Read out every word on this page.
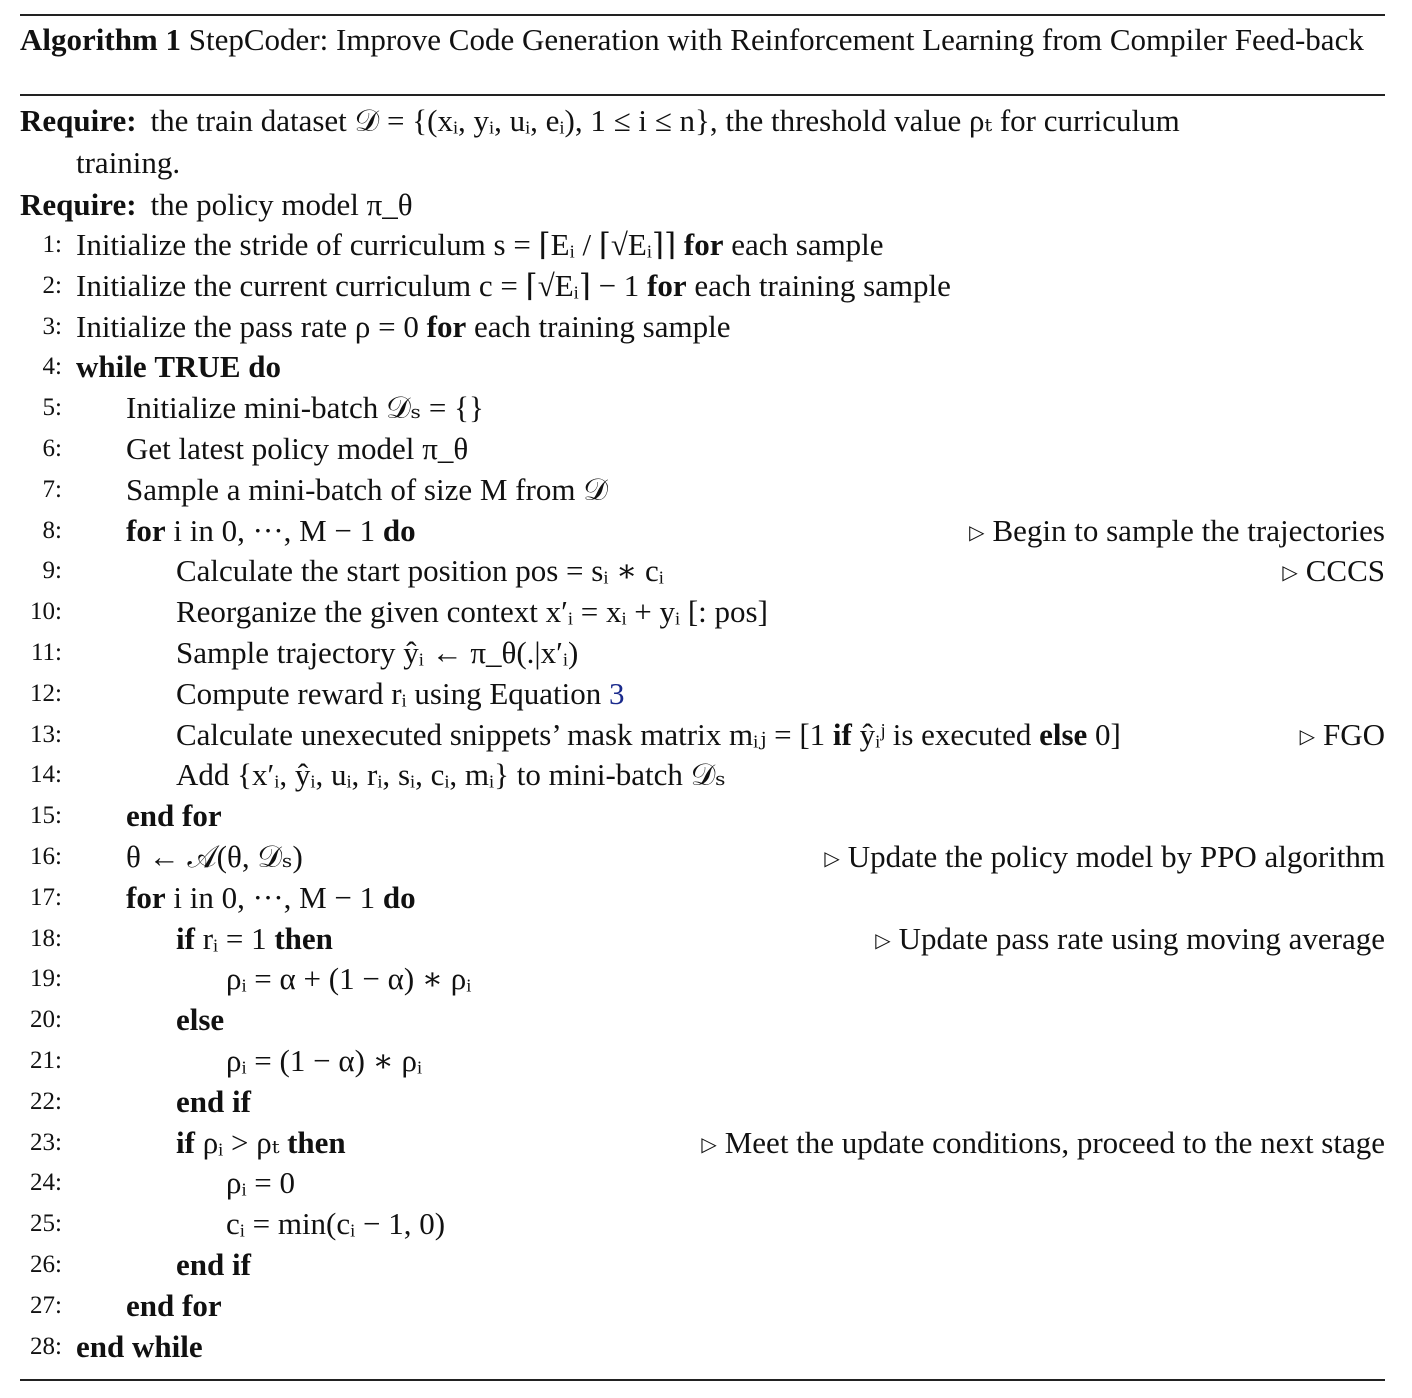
Algorithm 1 StepCoder: Improve Code Generation with Reinforcement Learning from Compiler Feed-back
Require: the train dataset 𝒟 = {(xᵢ, yᵢ, uᵢ, eᵢ), 1 ≤ i ≤ n}, the threshold value ρₜ for curriculum
training.
Require: the policy model π_θ
1: Initialize the stride of curriculum s = ⌈Eᵢ / ⌈√Eᵢ⌉⌉ for each sample
2: Initialize the current curriculum c = ⌈√Eᵢ⌉ − 1 for each training sample
3: Initialize the pass rate ρ = 0 for each training sample
4: while TRUE do
5: Initialize mini-batch 𝒟ₛ = {}
6: Get latest policy model π_θ
7: Sample a mini-batch of size M from 𝒟
8: for i in 0, ···, M − 1 do	▷ Begin to sample the trajectories
9:	Calculate the start position pos = sᵢ ∗ cᵢ	▷ CCCS
10:	Reorganize the given context x′ᵢ = xᵢ + yᵢ [: pos]
11:	Sample trajectory ŷᵢ ← π_θ(.|x′ᵢ)
12:	Compute reward rᵢ using Equation 3
13:	Calculate unexecuted snippets’ mask matrix mᵢⱼ = [1 if ŷᵢʲ is executed else 0]	▷ FGO
14:	Add {x′ᵢ, ŷᵢ, uᵢ, rᵢ, sᵢ, cᵢ, mᵢ} to mini-batch 𝒟ₛ
15: end for
16: θ ← 𝒜(θ, 𝒟ₛ)	▷ Update the policy model by PPO algorithm
17: for i in 0, ···, M − 1 do
18:	if rᵢ = 1 then	▷ Update pass rate using moving average
19:	ρᵢ = α + (1 − α) ∗ ρᵢ
20:	else
21:	ρᵢ = (1 − α) ∗ ρᵢ
22:	end if
23:	if ρᵢ > ρₜ then	▷ Meet the update conditions, proceed to the next stage
24:	ρᵢ = 0
25:	cᵢ = min(cᵢ − 1, 0)
26:	end if
27: end for
28: end while
